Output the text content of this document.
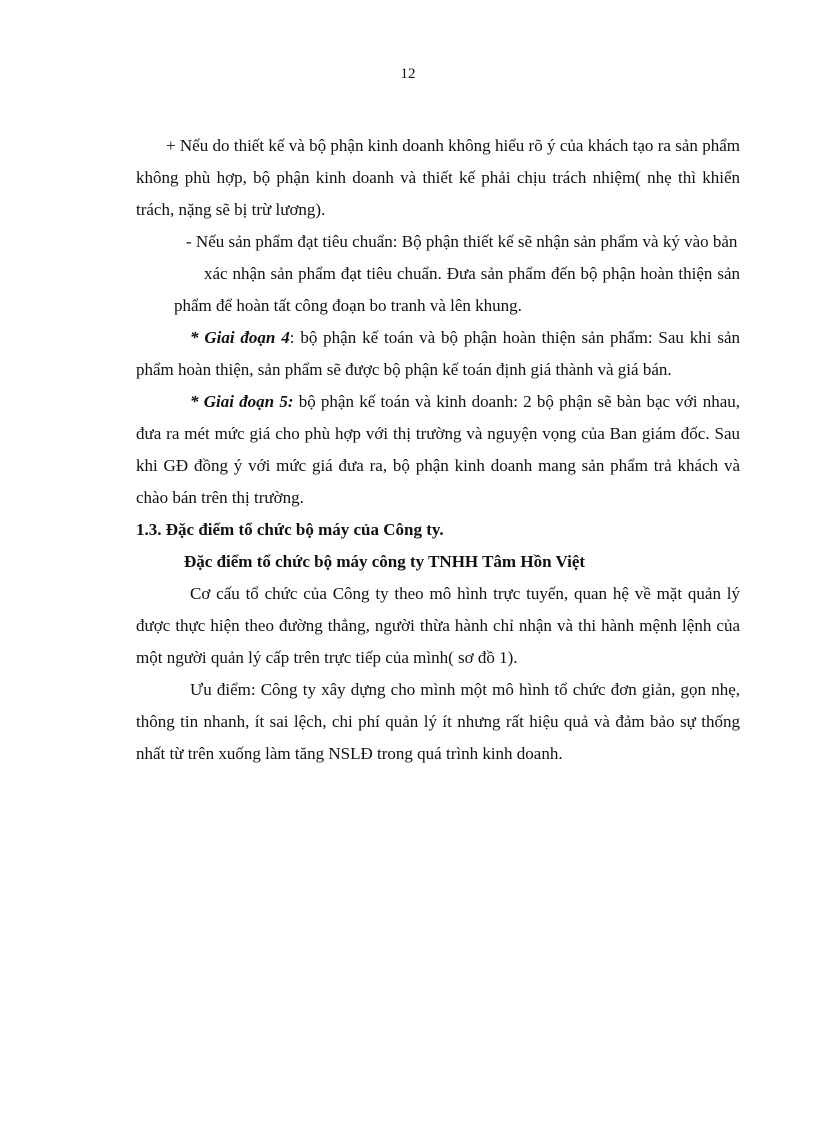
12

+ Nếu do thiết kế và bộ phận kinh doanh không hiểu rõ ý của khách tạo ra sản phẩm không phù hợp, bộ phận kinh doanh và thiết kế phải chịu trách nhiệm( nhẹ thì khiển trách, nặng sẽ bị trừ lương).

- Nếu sản phẩm đạt tiêu chuẩn: Bộ phận thiết kế sẽ nhận sản phẩm và ký vào bản

xác nhận sản phẩm đạt tiêu chuẩn. Đưa sản phẩm đến bộ phận hoàn thiện sản phẩm để hoàn tất công đoạn bo tranh và lên khung.

* Giai đoạn 4: bộ phận kế toán và bộ phận hoàn thiện sản phẩm: Sau khi sản phẩm hoàn thiện, sản phẩm sẽ được bộ phận kế toán định giá thành và giá bán.

* Giai đoạn 5: bộ phận kế toán và kinh doanh: 2 bộ phận sẽ bàn bạc với nhau, đưa ra mét mức giá cho phù hợp với thị trường và nguyện vọng của Ban giám đốc. Sau khi GĐ đồng ý với mức giá đưa ra, bộ phận kinh doanh mang sản phẩm trả khách và chào bán trên thị trường.

1.3. Đặc điểm tổ chức bộ máy của Công ty.

Đặc điểm tổ chức bộ máy công ty TNHH Tâm Hồn Việt

Cơ cấu tổ chức của Công ty theo mô hình trực tuyến, quan hệ về mặt quản lý được thực hiện theo đường thẳng, người thừa hành chỉ nhận và thi hành mệnh lệnh của một người quản lý cấp trên trực tiếp của mình( sơ đồ 1).

Ưu điểm: Công ty xây dựng cho mình một mô hình tổ chức đơn giản, gọn nhẹ, thông tin nhanh, ít sai lệch, chi phí quản lý ít nhưng rất hiệu quả và đảm bảo sự thống nhất từ trên xuống làm tăng NSLĐ trong quá trình kinh doanh.
